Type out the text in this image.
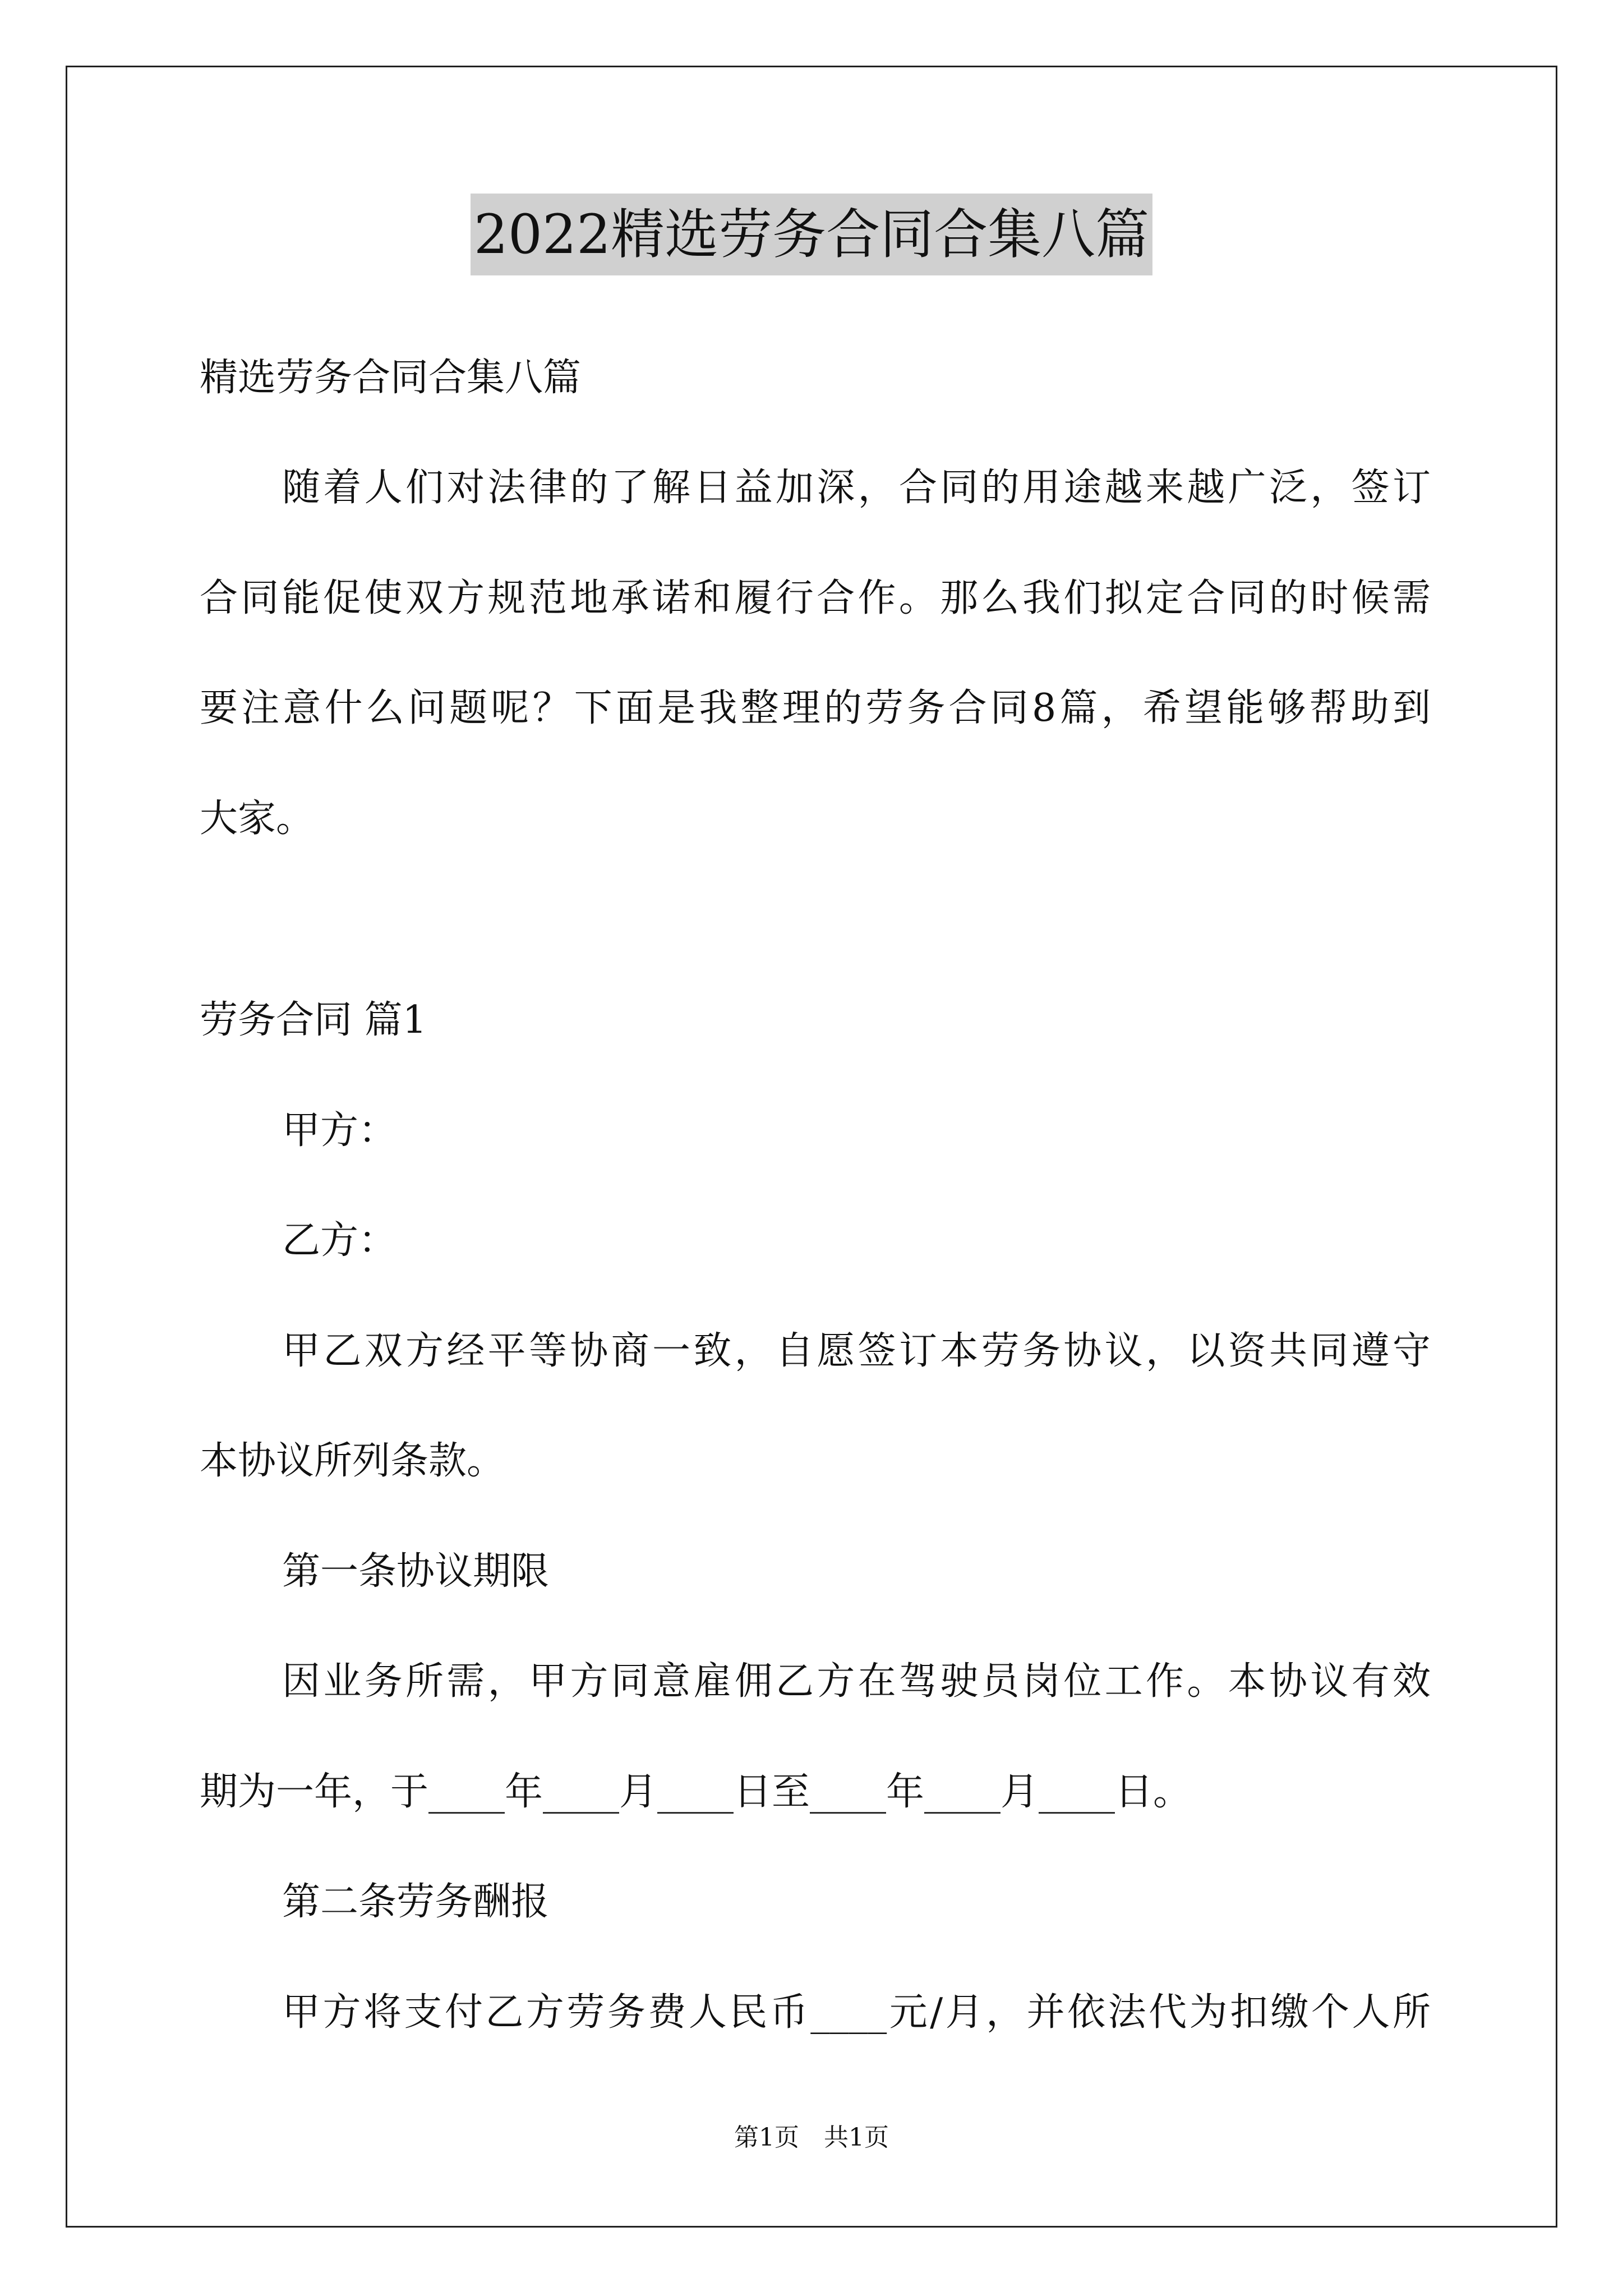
2022精选劳务合同合集八篇
精选劳务合同合集八篇
随着人们对法律的了解日益加深，合同的用途越来越广泛，签订
合同能促使双方规范地承诺和履行合作。那么我们拟定合同的时候需
要注意什么问题呢？下面是我整理的劳务合同8篇，希望能够帮助到
大家。
劳务合同 篇1
甲方：
乙方：
甲乙双方经平等协商一致，自愿签订本劳务协议，以资共同遵守
本协议所列条款。
第一条协议期限
因业务所需，甲方同意雇佣乙方在驾驶员岗位工作。本协议有效
期为一年，于____年____月____日至____年____月____日。
第二条劳务酬报
甲方将支付乙方劳务费人民币____元/月，并依法代为扣缴个人所
第1页　共1页
